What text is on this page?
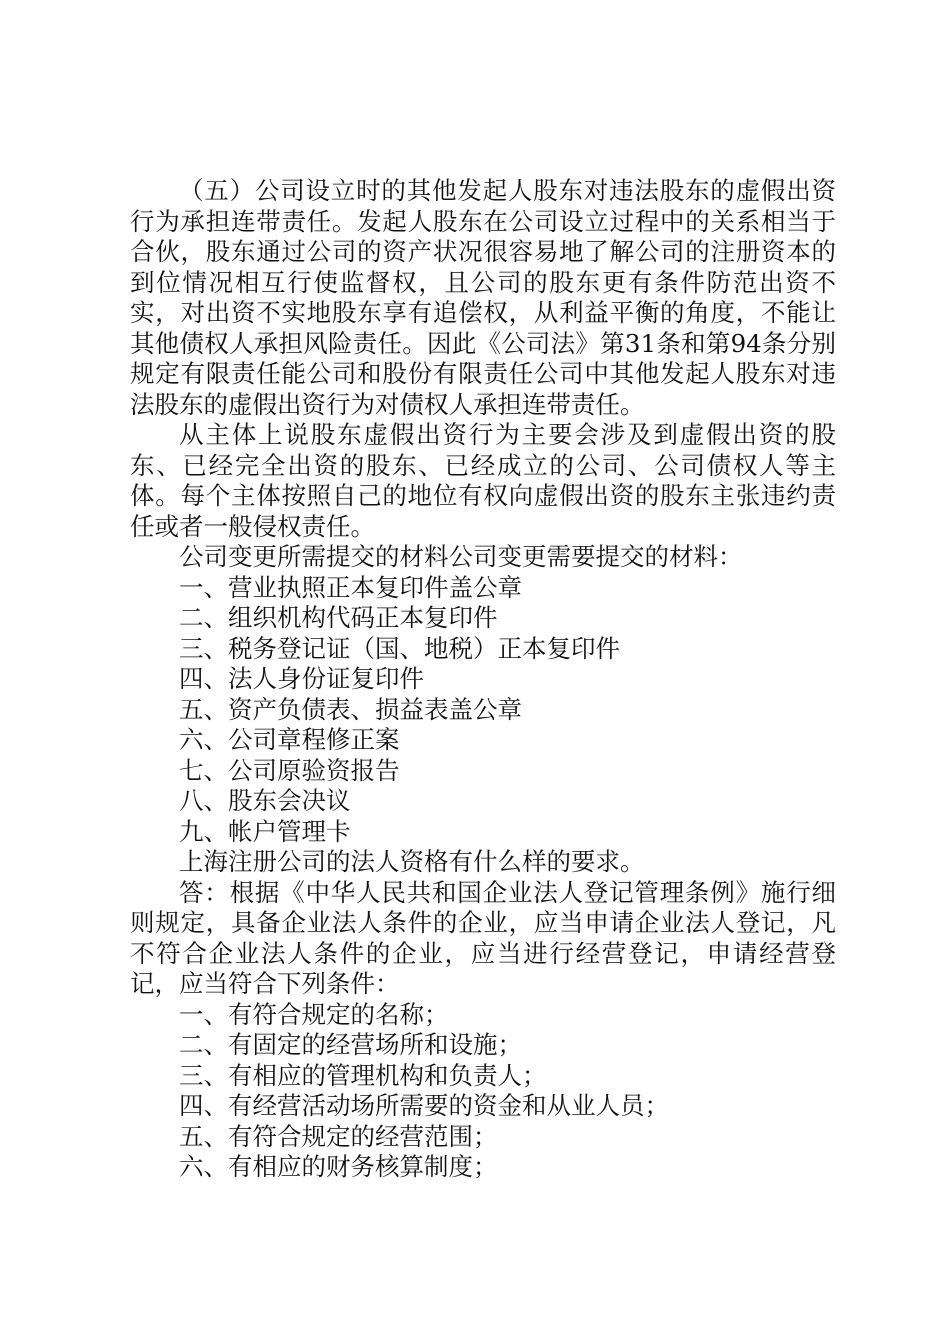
（五）公司设立时的其他发起人股东对违法股东的虚假出资行为承担连带责任。发起人股东在公司设立过程中的关系相当于合伙，股东通过公司的资产状况很容易地了解公司的注册资本的到位情况相互行使监督权，且公司的股东更有条件防范出资不实，对出资不实地股东享有追偿权，从利益平衡的角度，不能让其他债权人承担风险责任。因此《公司法》第31条和第94条分别规定有限责任能公司和股份有限责任公司中其他发起人股东对违法股东的虚假出资行为对债权人承担连带责任。

从主体上说股东虚假出资行为主要会涉及到虚假出资的股东、已经完全出资的股东、已经成立的公司、公司债权人等主体。每个主体按照自己的地位有权向虚假出资的股东主张违约责任或者一般侵权责任。

公司变更所需提交的材料公司变更需要提交的材料：

一、营业执照正本复印件盖公章

二、组织机构代码正本复印件

三、税务登记证（国、地税）正本复印件

四、法人身份证复印件

五、资产负债表、损益表盖公章

六、公司章程修正案

七、公司原验资报告

八、股东会决议

九、帐户管理卡

上海注册公司的法人资格有什么样的要求。

答：根据《中华人民共和国企业法人登记管理条例》施行细则规定，具备企业法人条件的企业，应当申请企业法人登记，凡不符合企业法人条件的企业，应当进行经营登记，申请经营登记，应当符合下列条件：

一、有符合规定的名称；

二、有固定的经营场所和设施；

三、有相应的管理机构和负责人；

四、有经营活动场所需要的资金和从业人员；

五、有符合规定的经营范围；

六、有相应的财务核算制度；
